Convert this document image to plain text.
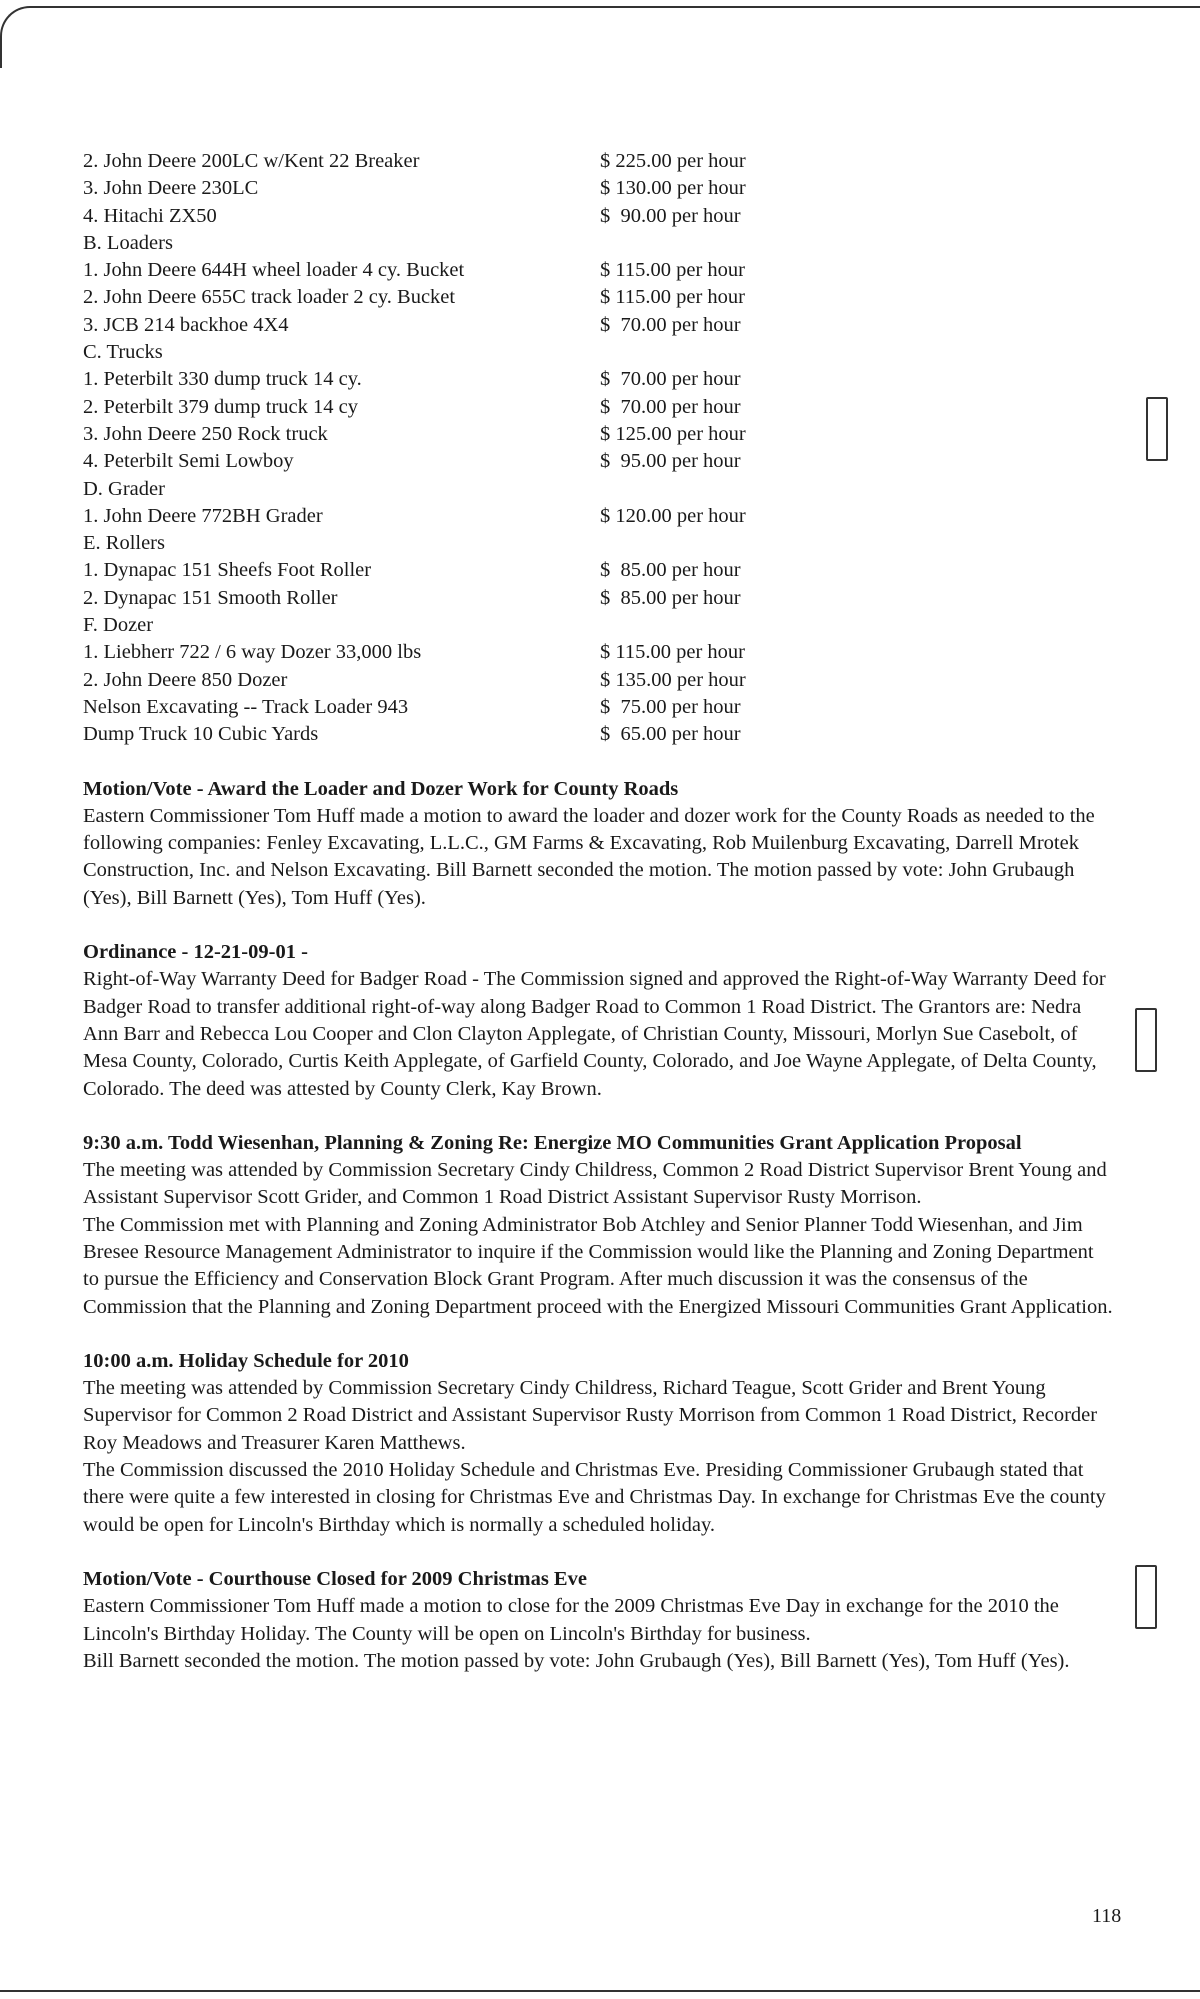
2. John Deere 200LC w/Kent 22 Breaker	$ 225.00 per hour
3. John Deere 230LC	$ 130.00 per hour
4. Hitachi ZX50	$  90.00 per hour
B. Loaders
1. John Deere 644H wheel loader 4 cy. Bucket	$ 115.00 per hour
2. John Deere 655C track loader 2 cy. Bucket	$ 115.00 per hour
3. JCB 214 backhoe 4X4	$  70.00 per hour
C. Trucks
1. Peterbilt 330 dump truck 14 cy.	$  70.00 per hour
2. Peterbilt 379 dump truck 14 cy	$  70.00 per hour
3. John Deere 250 Rock truck	$ 125.00 per hour
4. Peterbilt Semi Lowboy	$  95.00 per hour
D. Grader
1. John Deere 772BH Grader	$ 120.00 per hour
E. Rollers
1. Dynapac 151 Sheefs Foot Roller	$  85.00 per hour
2. Dynapac 151 Smooth Roller	$  85.00 per hour
F. Dozer
1. Liebherr 722 / 6 way Dozer 33,000 lbs	$ 115.00 per hour
2. John Deere 850 Dozer	$ 135.00 per hour
Nelson Excavating -- Track Loader 943	$  75.00 per hour
Dump Truck 10 Cubic Yards	$  65.00 per hour

Motion/Vote - Award the Loader and Dozer Work for County Roads

Eastern Commissioner Tom Huff made a motion to award the loader and dozer work for the County Roads as needed to the following companies: Fenley Excavating, L.L.C., GM Farms & Excavating, Rob Muilenburg Excavating, Darrell Mrotek Construction, Inc. and Nelson Excavating. Bill Barnett seconded the motion. The motion passed by vote: John Grubaugh (Yes), Bill Barnett (Yes), Tom Huff (Yes).

Ordinance - 12-21-09-01 -

Right-of-Way Warranty Deed for Badger Road - The Commission signed and approved the Right-of-Way Warranty Deed for Badger Road to transfer additional right-of-way along Badger Road to Common 1 Road District. The Grantors are: Nedra Ann Barr and Rebecca Lou Cooper and Clon Clayton Applegate, of Christian County, Missouri, Morlyn Sue Casebolt, of Mesa County, Colorado, Curtis Keith Applegate, of Garfield County, Colorado, and Joe Wayne Applegate, of Delta County, Colorado. The deed was attested by County Clerk, Kay Brown.

9:30 a.m. Todd Wiesenhan, Planning & Zoning Re: Energize MO Communities Grant Application Proposal

The meeting was attended by Commission Secretary Cindy Childress, Common 2 Road District Supervisor Brent Young and Assistant Supervisor Scott Grider, and Common 1 Road District Assistant Supervisor Rusty Morrison.

The Commission met with Planning and Zoning Administrator Bob Atchley and Senior Planner Todd Wiesenhan, and Jim Bresee Resource Management Administrator to inquire if the Commission would like the Planning and Zoning Department to pursue the Efficiency and Conservation Block Grant Program. After much discussion it was the consensus of the Commission that the Planning and Zoning Department proceed with the Energized Missouri Communities Grant Application.

10:00 a.m. Holiday Schedule for 2010

The meeting was attended by Commission Secretary Cindy Childress, Richard Teague, Scott Grider and Brent Young Supervisor for Common 2 Road District and Assistant Supervisor Rusty Morrison from Common 1 Road District, Recorder Roy Meadows and Treasurer Karen Matthews.

The Commission discussed the 2010 Holiday Schedule and Christmas Eve. Presiding Commissioner Grubaugh stated that there were quite a few interested in closing for Christmas Eve and Christmas Day. In exchange for Christmas Eve the county would be open for Lincoln's Birthday which is normally a scheduled holiday.

Motion/Vote - Courthouse Closed for 2009 Christmas Eve

Eastern Commissioner Tom Huff made a motion to close for the 2009 Christmas Eve Day in exchange for the 2010 the Lincoln's Birthday Holiday. The County will be open on Lincoln's Birthday for business.

Bill Barnett seconded the motion. The motion passed by vote: John Grubaugh (Yes), Bill Barnett (Yes), Tom Huff (Yes).

118
